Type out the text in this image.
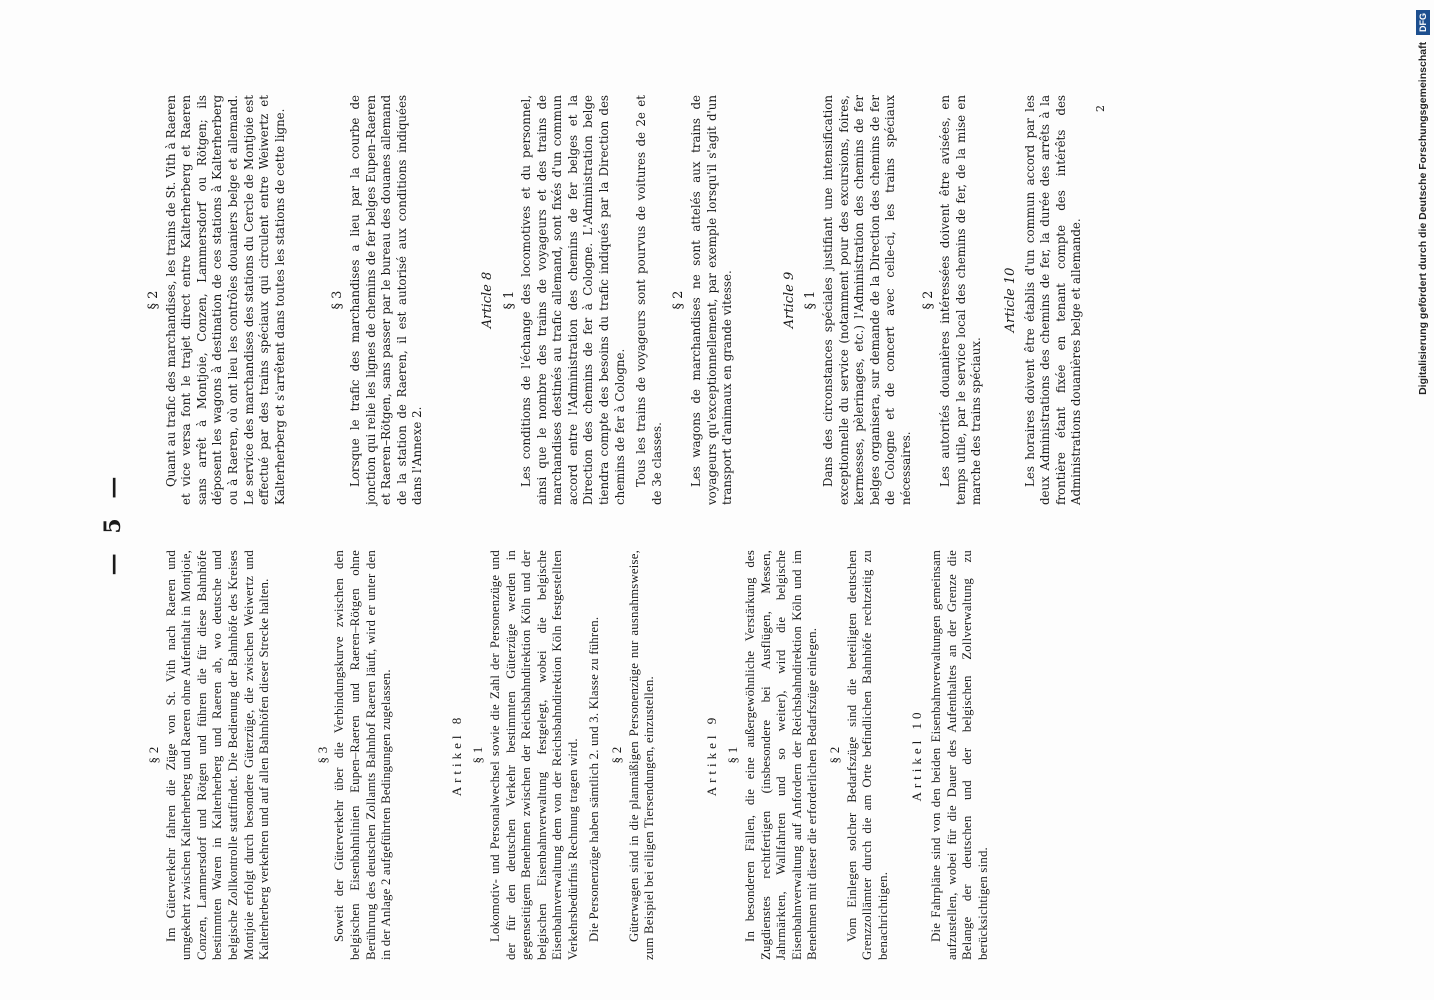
— 5 —
§ 2 Im Güterverkehr fahren die Züge von St. Vith nach Raeren und umgekehrt zwischen Kalterherberg und Raeren ohne Aufenthalt in Montjoie, Conzen, Lammersdorf und Rötgen und führen die für diese Bahnhöfe bestimmten Waren in Kalterherberg und Raeren ab, wo deutsche und belgische Zollkontrolle stattfindet. Die Bedienung der Bahnhöfe des Kreises Montjoie erfolgt durch besondere Güterzüge, die zwischen Weiwertz und Kalterherberg verkehren und auf allen Bahnhöfen dieser Strecke halten.	§ 3 Soweit der Güterverkehr über die Verbindungskurve zwischen den belgischen Eisenbahnlinien Eupen–Raeren und Raeren–Rötgen ohne Berührung des deutschen Zollamts Bahnhof Raeren läuft, wird er unter den in der Anlage 2 aufgeführten Bedingungen zugelassen.	Artikel 8 § 1 Lokomotiv- und Personalwechsel sowie die Zahl der Personenzüge und der für den deutschen Verkehr bestimmten Güterzüge werden in gegenseitigem Benehmen zwischen der Reichsbahndirektion Köln und der belgischen Eisenbahnverwaltung festgelegt, wobei die belgische Eisenbahnverwaltung dem von der Reichsbahndirektion Köln festgestellten Verkehrsbedürfnis Rechnung tragen wird. Die Personenzüge haben sämtlich 2. und 3. Klasse zu führen. § 2 Güterwagen sind in die planmäßigen Personenzüge nur ausnahmsweise, zum Beispiel bei eiligen Tiersendungen, einzustellen.	Artikel 9 § 1 In besonderen Fällen, die eine außergewöhnliche Verstärkung des Zugdienstes rechtfertigen (insbesondere bei Ausflügen, Messen, Jahrmärkten, Wallfahrten und so weiter), wird die belgische Eisenbahnverwaltung auf Anfordern der Reichsbahndirektion Köln und im Benehmen mit dieser die erforderlichen Bedarfszüge einlegen. § 2 Vom Einlegen solcher Bedarfszüge sind die beteiligten deutschen Grenzzollämter durch die am Orte befindlichen Bahnhöfe rechtzeitig zu benachrichtigen.

Artikel 10 Die Fahrpläne sind von den beiden Eisenbahnverwaltungen gemeinsam aufzustellen, wobei für die Dauer des Aufenthaltes an der Grenze die Belange der deutschen und der belgischen Zollverwaltung zu berücksichtigen sind.

§ 2 Quant au trafic des marchandises, les trains de St. Vith à Raeren et vice versa font le trajet direct entre Kalterherberg et Raeren sans arrêt à Montjoie, Conzen, Lammersdorf ou Rötgen; ils déposent les wagons à destination de ces stations à Kalterherberg ou à Raeren, où ont lieu les contrôles douaniers belge et allemand. Le service des marchandises des stations du Cercle de Montjoie est effectué par des trains spéciaux qui circulent entre Weiwertz et Kalterherberg et s'arrêtent dans toutes les stations de cette ligne.	§ 3 Lorsque le trafic des marchandises a lieu par la courbe de jonction qui relie les lignes de chemins de fer belges Eupen–Raeren et Raeren–Rötgen, sans passer par le bureau des douanes allemand de la station de Raeren, il est autorisé aux conditions indiquées dans l'Annexe 2.

Article 8 § 1 Les conditions de l'échange des locomotives et du personnel, ainsi que le nombre des trains de voyageurs et des trains de marchandises destinés au trafic allemand, sont fixés d'un commun accord entre l'Administration des chemins de fer belges et la Direction des chemins de fer à Cologne. L'Administration belge tiendra compte des besoins du trafic indiqués par la Direction des chemins de fer à Cologne. Tous les trains de voyageurs sont pourvus de voitures de 2e et de 3e classes.

§ 2 Les wagons de marchandises ne sont attelés aux trains de voyageurs qu'exceptionnellement, par exemple lorsqu'il s'agit d'un transport d'animaux en grande vitesse.	Article 9 § 1 Dans des circonstances spéciales justifiant une intensification exceptionnelle du service (notamment pour des excursions, foires, kermesses, pèlerinages, etc.) l'Administration des chemins de fer belges organisera, sur demande de la Direction des chemins de fer de Cologne et de concert avec celle-ci, les trains spéciaux nécessaires.

§ 2 Les autorités douanières intéressées doivent être avisées, en temps utile, par le service local des chemins de fer, de la mise en marche des trains spéciaux.

Article 10 Les horaires doivent être établis d'un commun accord par les deux Administrations des chemins de fer, la durée des arrêts à la frontière étant fixée en tenant compte des intérêts des Administrations douanières belge et allemande.

2	Digitalisierung gefördert durch die Deutsche Forschungsgemeinschaft DFG
